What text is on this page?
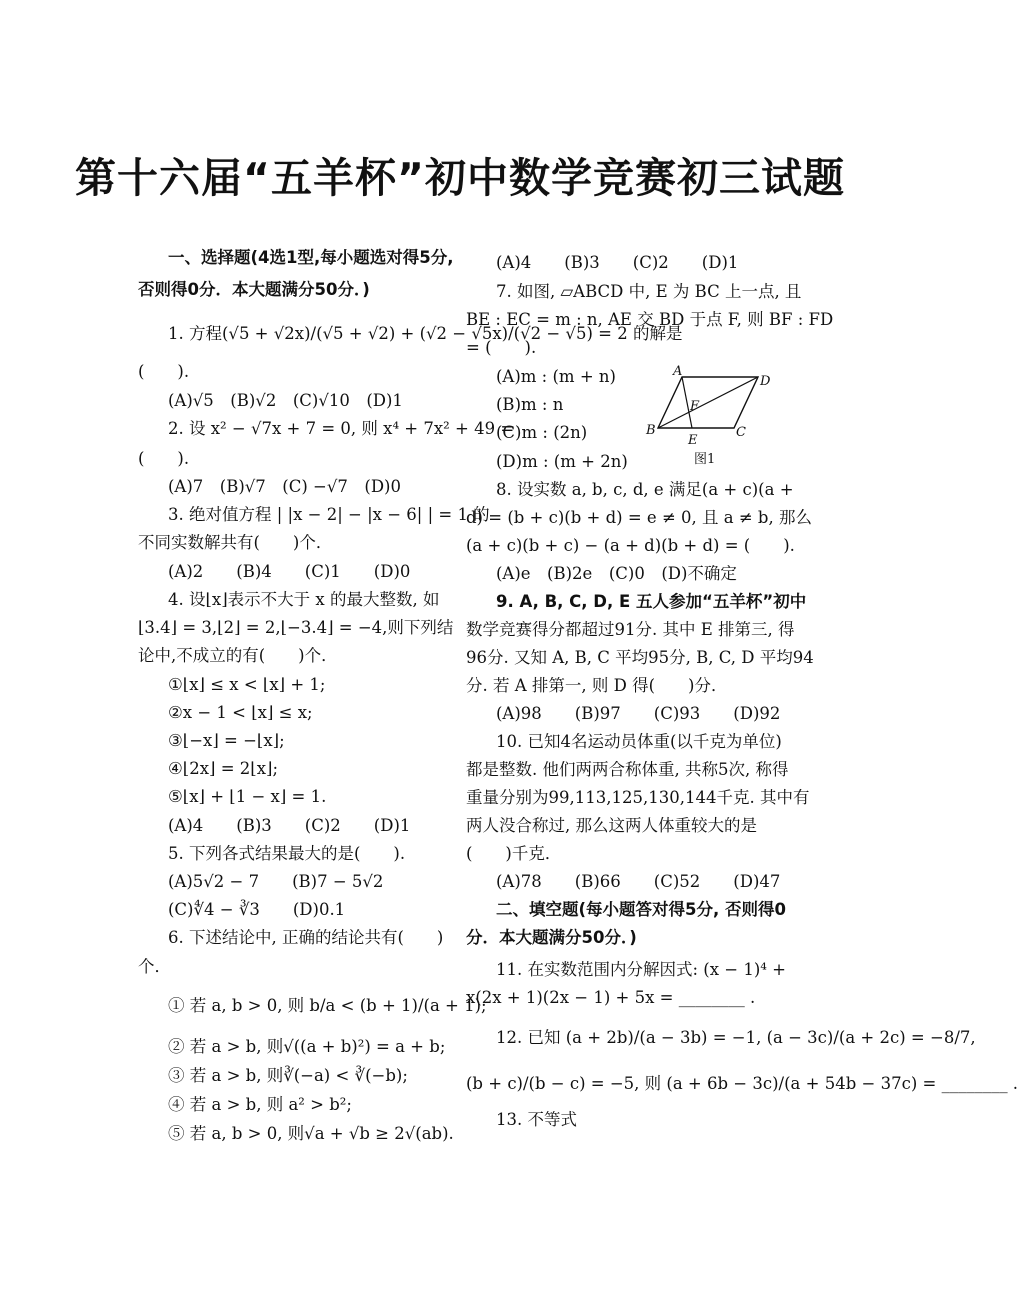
第十六届“五羊杯”初中数学竞赛初三试题
一、选择题(4选1型,每小题选对得5分,
否则得0分．本大题满分50分．)
1. 方程(√5 + √2x)/(√5 + √2) + (√2 − √5x)/(√2 − √5) = 2 的解是
(　　).
(A)√5　(B)√2　(C)√10　(D)1
2. 设 x² − √7x + 7 = 0, 则 x⁴ + 7x² + 49 =
(　　).
(A)7　(B)√7　(C) −√7　(D)0
3. 绝对值方程 | |x − 2| − |x − 6| | = 1 的
不同实数解共有(　　)个．
(A)2　　(B)4　　(C)1　　(D)0
4. 设⌊x⌋表示不大于 x 的最大整数, 如
⌊3.4⌋ = 3,⌊2⌋ = 2,⌊−3.4⌋ = −4,则下列结
论中,不成立的有(　　)个．
①⌊x⌋ ≤ x < ⌊x⌋ + 1;
②x − 1 < ⌊x⌋ ≤ x;
③⌊−x⌋ = −⌊x⌋;
④⌊2x⌋ = 2⌊x⌋;
⑤⌊x⌋ + ⌊1 − x⌋ = 1.
(A)4　　(B)3　　(C)2　　(D)1
5. 下列各式结果最大的是(　　).
(A)5√2 − 7　　(B)7 − 5√2
(C)∜4 − ∛3　　(D)0.1
6. 下述结论中, 正确的结论共有(　　)
个．
① 若 a, b > 0, 则 b/a < (b + 1)/(a + 1);
② 若 a > b, 则√((a + b)²) = a + b;
③ 若 a > b, 则∛(−a) < ∛(−b);
④ 若 a > b, 则 a² > b²;
⑤ 若 a, b > 0, 则√a + √b ≥ 2√(ab).
A
D
B	C
E
F
图1
(A)4　　(B)3　　(C)2　　(D)1
7. 如图, ▱ABCD 中, E 为 BC 上一点, 且
BE : EC = m : n, AE 交 BD 于点 F, 则 BF : FD
= (　　).
(A)m : (m + n)
(B)m : n
(C)m : (2n)
(D)m : (m + 2n)
8. 设实数 a, b, c, d, e 满足(a + c)(a +
d) = (b + c)(b + d) = e ≠ 0, 且 a ≠ b, 那么
(a + c)(b + c) − (a + d)(b + d) = (　　).
(A)e　(B)2e　(C)0　(D)不确定
9. A, B, C, D, E 五人参加“五羊杯”初中
数学竞赛得分都超过91分. 其中 E 排第三, 得
96分. 又知 A, B, C 平均95分, B, C, D 平均94
分. 若 A 排第一, 则 D 得(　　)分．
(A)98　　(B)97　　(C)93　　(D)92
10. 已知4名运动员体重(以千克为单位)
都是整数. 他们两两合称体重, 共称5次, 称得
重量分别为99,113,125,130,144千克. 其中有
两人没合称过, 那么这两人体重较大的是
(　　)千克．
(A)78　　(B)66　　(C)52　　(D)47
二、填空题(每小题答对得5分, 否则得0
分．本大题满分50分．)
11. 在实数范围内分解因式: (x − 1)⁴ +
x(2x + 1)(2x − 1) + 5x = ________ .
12. 已知 (a + 2b)/(a − 3b) = −1, (a − 3c)/(a + 2c) = −8/7,
(b + c)/(b − c) = −5, 则 (a + 6b − 3c)/(a + 54b − 37c) = ________ .
13. 不等式
